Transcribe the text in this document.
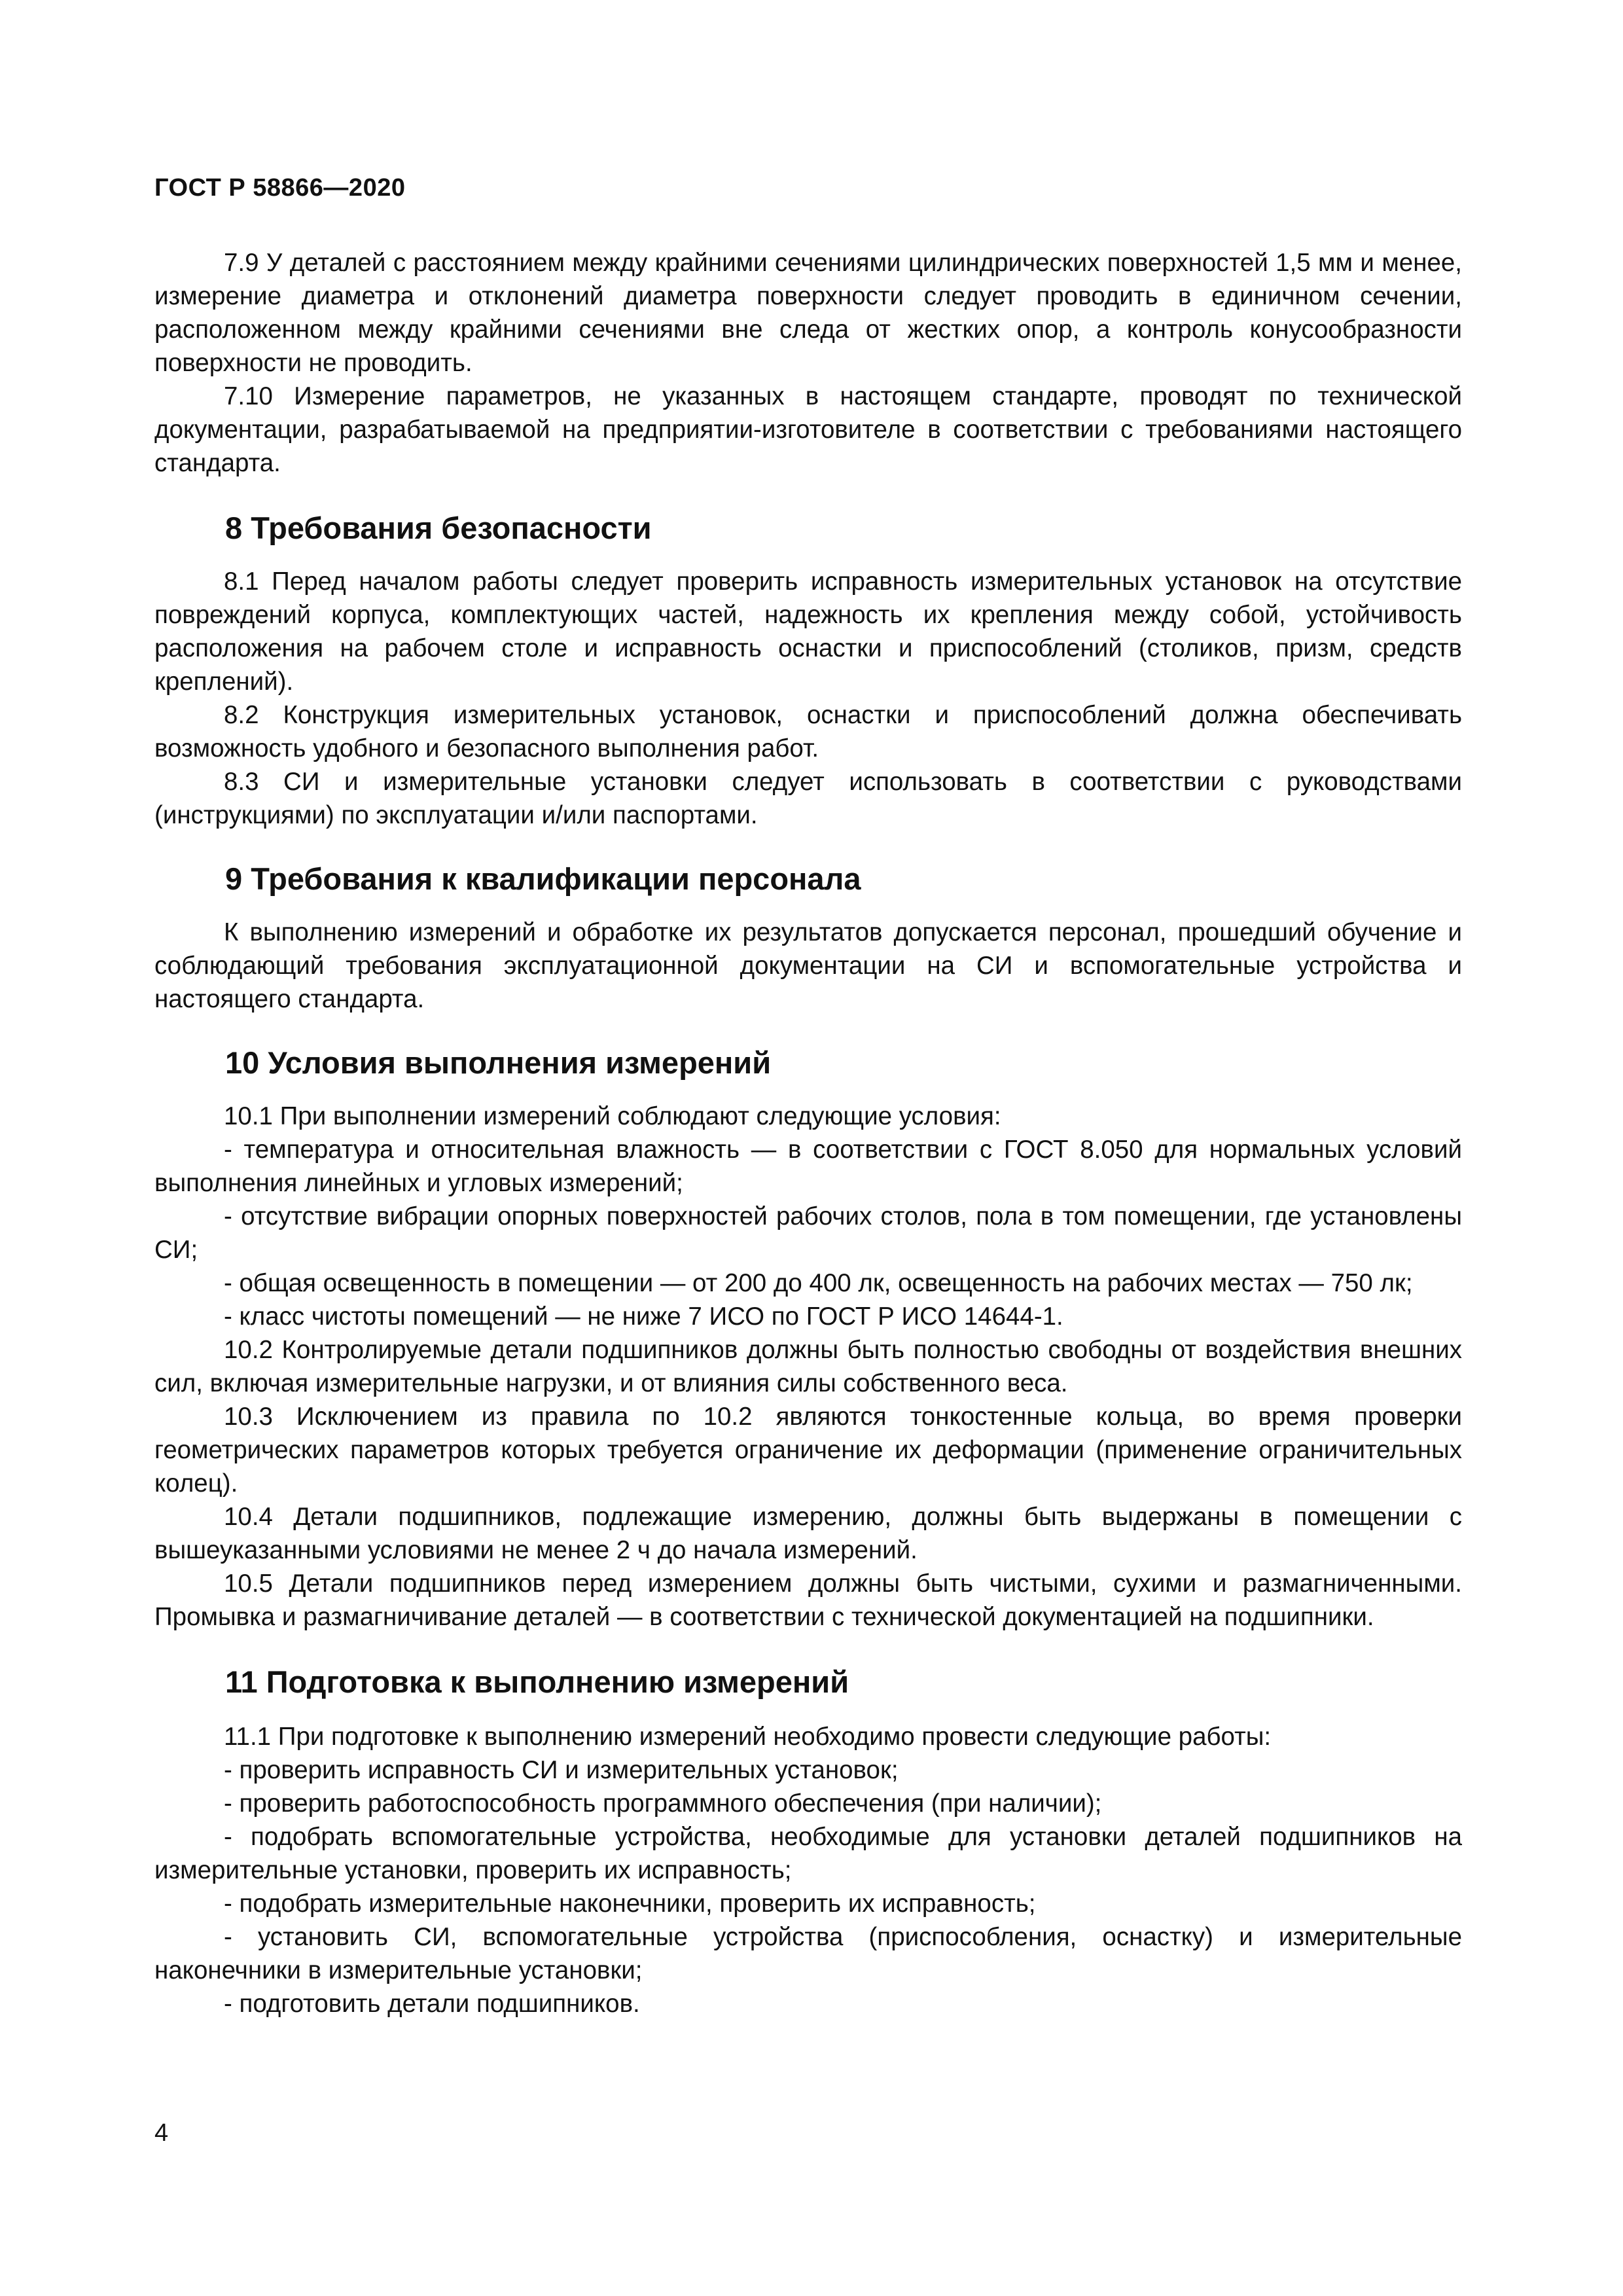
ГОСТ Р 58866—2020

7.9 У деталей с расстоянием между крайними сечениями цилиндрических поверхностей 1,5 мм и менее, измерение диаметра и отклонений диаметра поверхности следует проводить в единичном сечении, расположенном между крайними сечениями вне следа от жестких опор, а контроль конусообразности поверхности не проводить.

7.10 Измерение параметров, не указанных в настоящем стандарте, проводят по технической документации, разрабатываемой на предприятии-изготовителе в соответствии с требованиями настоящего стандарта.

8 Требования безопасности

8.1 Перед началом работы следует проверить исправность измерительных установок на отсутствие повреждений корпуса, комплектующих частей, надежность их крепления между собой, устойчивость расположения на рабочем столе и исправность оснастки и приспособлений (столиков, призм, средств креплений).

8.2 Конструкция измерительных установок, оснастки и приспособлений должна обеспечивать возможность удобного и безопасного выполнения работ.

8.3 СИ и измерительные установки следует использовать в соответствии с руководствами (инструкциями) по эксплуатации и/или паспортами.

9 Требования к квалификации персонала

К выполнению измерений и обработке их результатов допускается персонал, прошедший обучение и соблюдающий требования эксплуатационной документации на СИ и вспомогательные устройства и настоящего стандарта.

10 Условия выполнения измерений

10.1 При выполнении измерений соблюдают следующие условия:

- температура и относительная влажность — в соответствии с ГОСТ 8.050 для нормальных условий выполнения линейных и угловых измерений;

- отсутствие вибрации опорных поверхностей рабочих столов, пола в том помещении, где установлены СИ;

- общая освещенность в помещении — от 200 до 400 лк, освещенность на рабочих местах — 750 лк;

- класс чистоты помещений — не ниже 7 ИСО по ГОСТ Р ИСО 14644-1.

10.2 Контролируемые детали подшипников должны быть полностью свободны от воздействия внешних сил, включая измерительные нагрузки, и от влияния силы собственного веса.

10.3 Исключением из правила по 10.2 являются тонкостенные кольца, во время проверки геометрических параметров которых требуется ограничение их деформации (применение ограничительных колец).

10.4 Детали подшипников, подлежащие измерению, должны быть выдержаны в помещении с вышеуказанными условиями не менее 2 ч до начала измерений.

10.5 Детали подшипников перед измерением должны быть чистыми, сухими и размагниченными. Промывка и размагничивание деталей — в соответствии с технической документацией на подшипники.

11 Подготовка к выполнению измерений

11.1 При подготовке к выполнению измерений необходимо провести следующие работы:

- проверить исправность СИ и измерительных установок;

- проверить работоспособность программного обеспечения (при наличии);

- подобрать вспомогательные устройства, необходимые для установки деталей подшипников на измерительные установки, проверить их исправность;

- подобрать измерительные наконечники, проверить их исправность;

- установить СИ, вспомогательные устройства (приспособления, оснастку) и измерительные наконечники в измерительные установки;

- подготовить детали подшипников.

4
